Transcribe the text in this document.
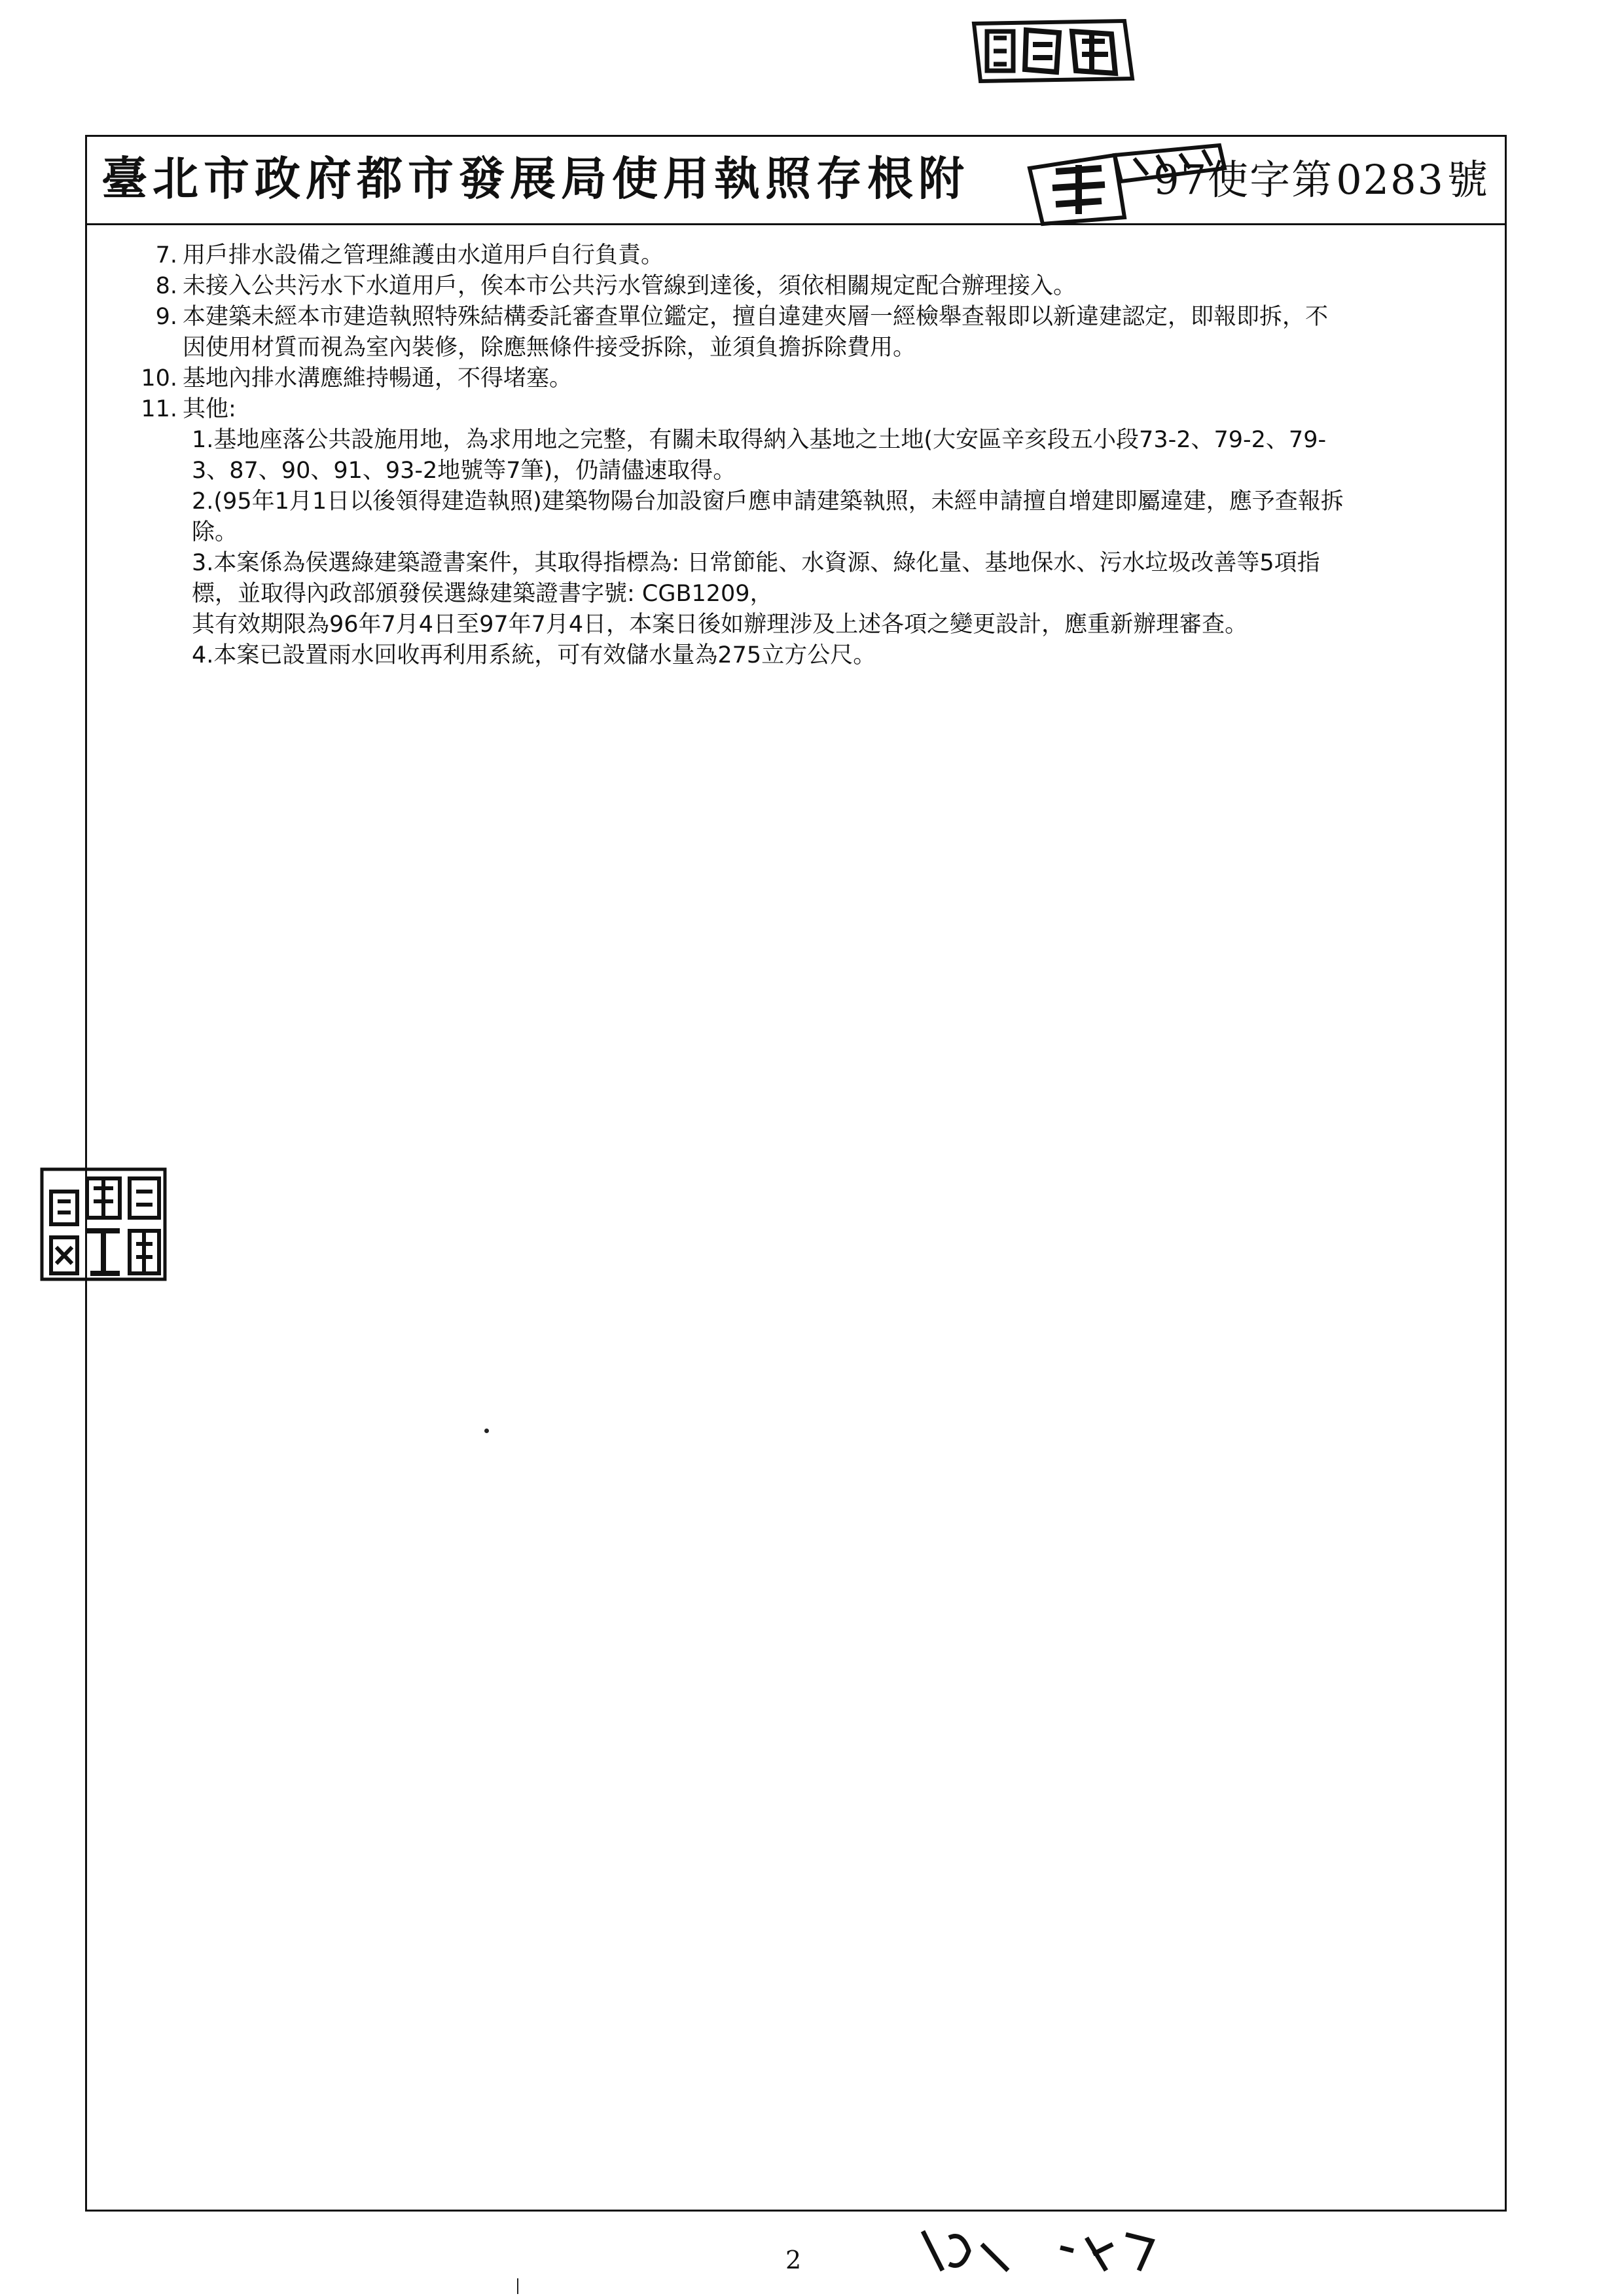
臺北市政府都市發展局使用執照存根附	97使字第0283號
7. 用戶排水設備之管理維護由水道用戶自行負責。
8. 未接入公共污水下水道用戶，俟本市公共污水管線到達後，須依相關規定配合辦理接入。
9. 本建築未經本市建造執照特殊結構委託審查單位鑑定，擅自違建夾層一經檢舉查報即以新違建認定，即報即拆，不
因使用材質而視為室內裝修，除應無條件接受拆除，並須負擔拆除費用。
10. 基地內排水溝應維持暢通，不得堵塞。
11. 其他:
1.基地座落公共設施用地，為求用地之完整，有關未取得納入基地之土地(大安區辛亥段五小段73-2、79-2、79-
3、87、90、91、93-2地號等7筆)，仍請儘速取得。
2.(95年1月1日以後領得建造執照)建築物陽台加設窗戶應申請建築執照，未經申請擅自增建即屬違建，應予查報拆
除。
3.本案係為侯選綠建築證書案件，其取得指標為: 日常節能、水資源、綠化量、基地保水、污水垃圾改善等5項指
標，並取得內政部頒發侯選綠建築證書字號: CGB1209，
其有效期限為96年7月4日至97年7月4日，本案日後如辦理涉及上述各項之變更設計，應重新辦理審查。
4.本案已設置雨水回收再利用系統，可有效儲水量為275立方公尺。
2
